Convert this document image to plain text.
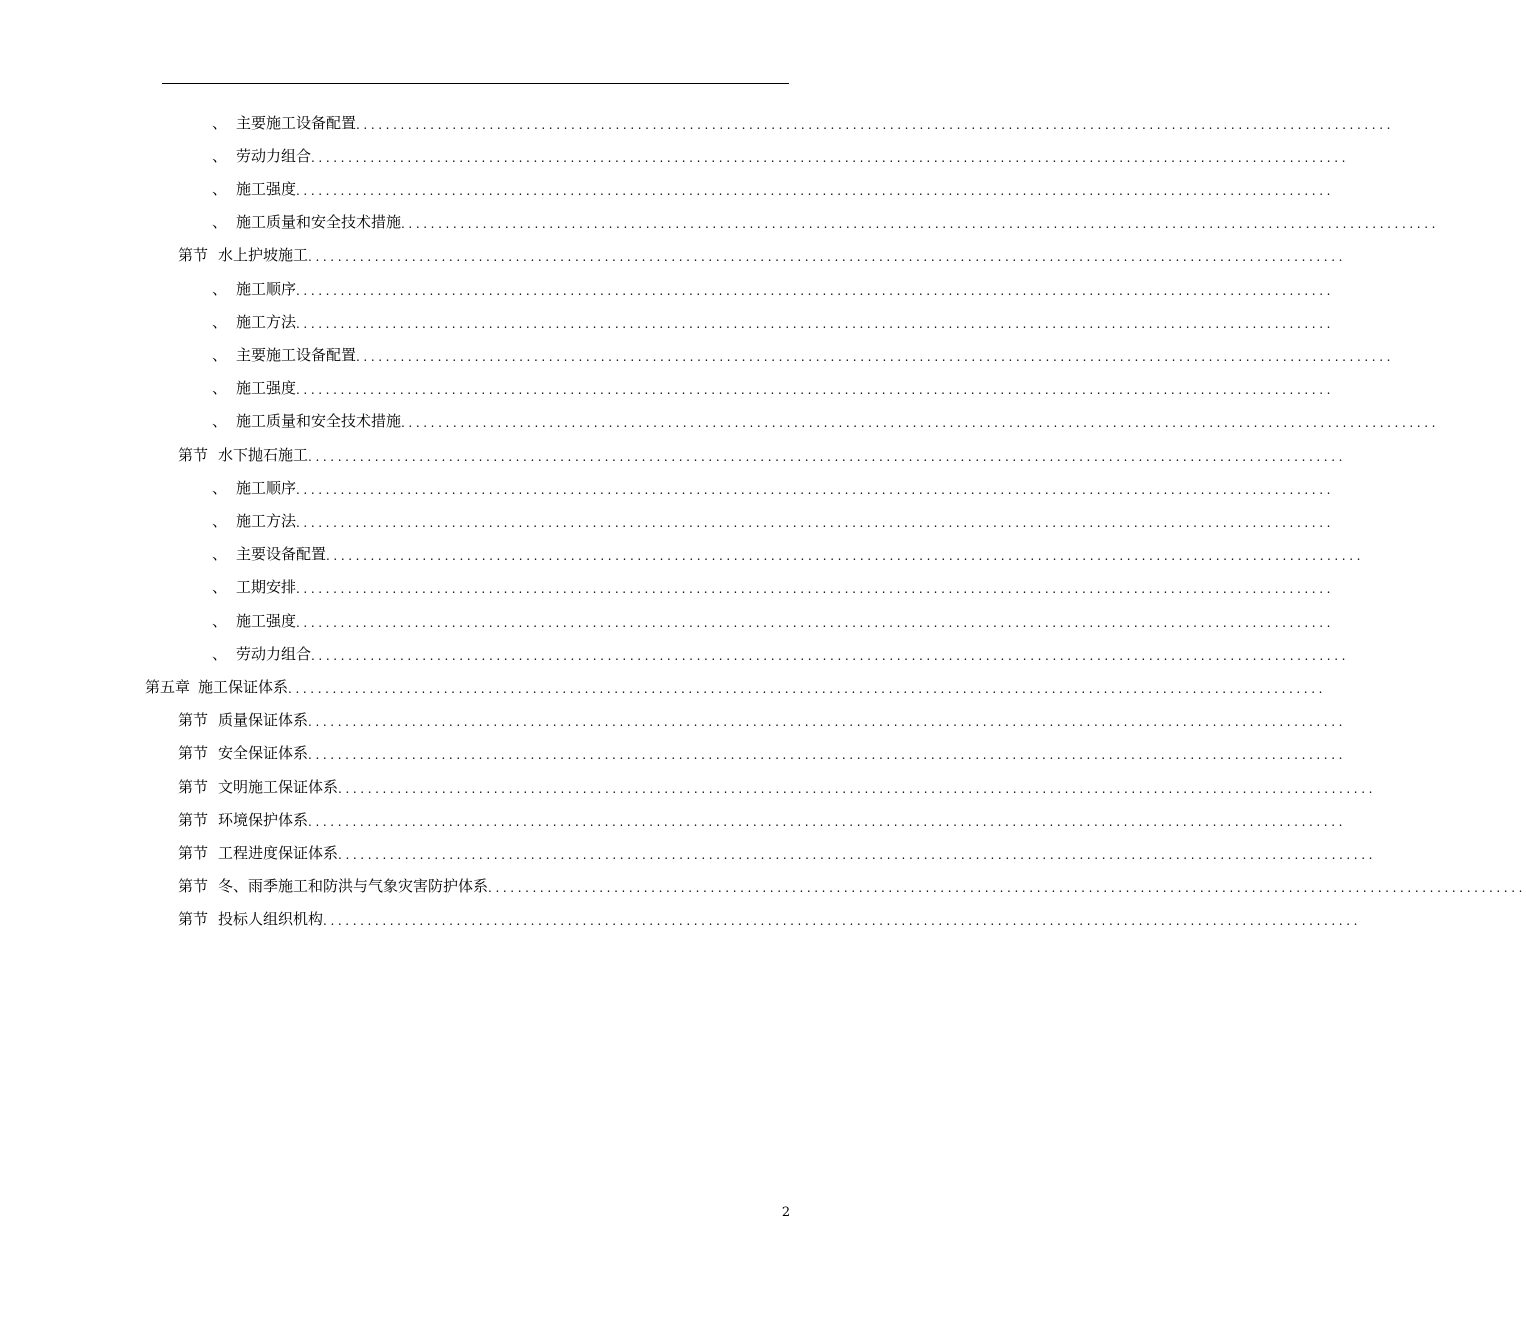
、 主要施工设备配置 ............................................................................................................................................
、 劳动力组合 ............................................................................................................................................
、 施工强度 ............................................................................................................................................
、 施工质量和安全技术措施 ............................................................................................................................................
第节 水上护坡施工 ............................................................................................................................................
、 施工顺序 ............................................................................................................................................
、 施工方法 ............................................................................................................................................
、 主要施工设备配置 ............................................................................................................................................
、 施工强度 ............................................................................................................................................
、 施工质量和安全技术措施 ............................................................................................................................................
第节 水下抛石施工 ............................................................................................................................................
、 施工顺序 ............................................................................................................................................
、 施工方法 ............................................................................................................................................
、 主要设备配置 ............................................................................................................................................
、 工期安排 ............................................................................................................................................
、 施工强度 ............................................................................................................................................
、 劳动力组合 ............................................................................................................................................
第五章 施工保证体系 ............................................................................................................................................
第节 质量保证体系 ............................................................................................................................................
第节 安全保证体系 ............................................................................................................................................
第节 文明施工保证体系 ............................................................................................................................................
第节 环境保护体系 ............................................................................................................................................
第节 工程进度保证体系 ............................................................................................................................................
第节 冬、雨季施工和防洪与气象灾害防护体系 ............................................................................................................................................
第节 投标人组织机构 ............................................................................................................................................
2
